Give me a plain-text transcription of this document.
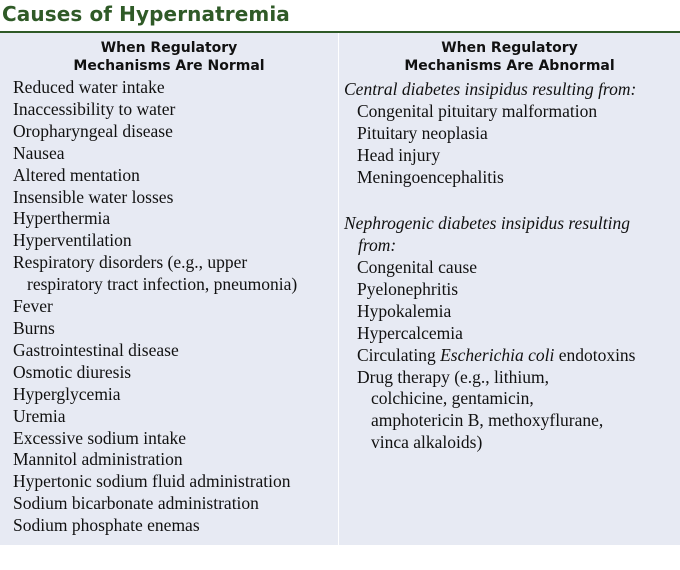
Causes of Hypernatremia
When Regulatory
Mechanisms Are Normal
Reduced water intake
Inaccessibility to water
Oropharyngeal disease
Nausea
Altered mentation
Insensible water losses
Hyperthermia
Hyperventilation
Respiratory disorders (e.g., upper
respiratory tract infection, pneumonia)
Fever
Burns
Gastrointestinal disease
Osmotic diuresis
Hyperglycemia
Uremia
Excessive sodium intake
Mannitol administration
Hypertonic sodium fluid administration
Sodium bicarbonate administration
Sodium phosphate enemas
When Regulatory
Mechanisms Are Abnormal
Central diabetes insipidus resulting from:
Congenital pituitary malformation
Pituitary neoplasia
Head injury
Meningoencephalitis
Nephrogenic diabetes insipidus resulting
from:
Congenital cause
Pyelonephritis
Hypokalemia
Hypercalcemia
Circulating Escherichia coli endotoxins
Drug therapy (e.g., lithium,
colchicine, gentamicin,
amphotericin B, methoxyflurane,
vinca alkaloids)
